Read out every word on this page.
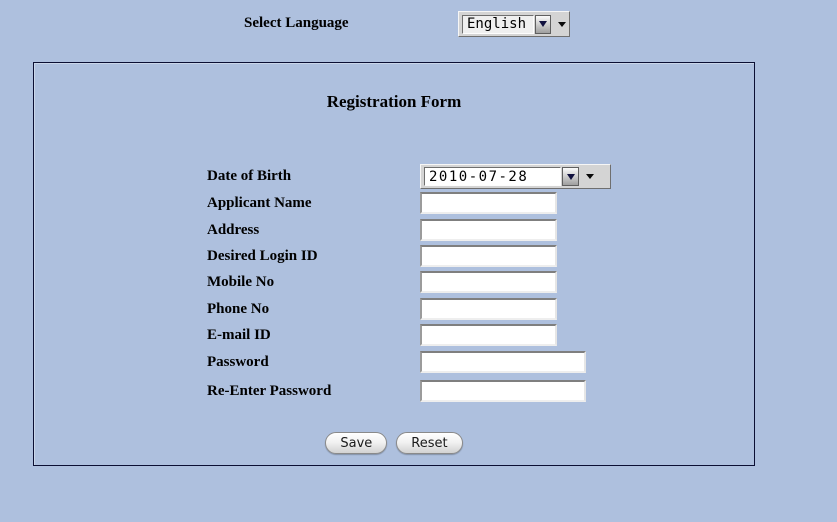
Select Language	English
Registration Form
Date of Birth	2010-07-28
Applicant Name
Address
Desired Login ID
Mobile No
Phone No
E-mail ID
Password
Re-Enter Password
Save	Reset
